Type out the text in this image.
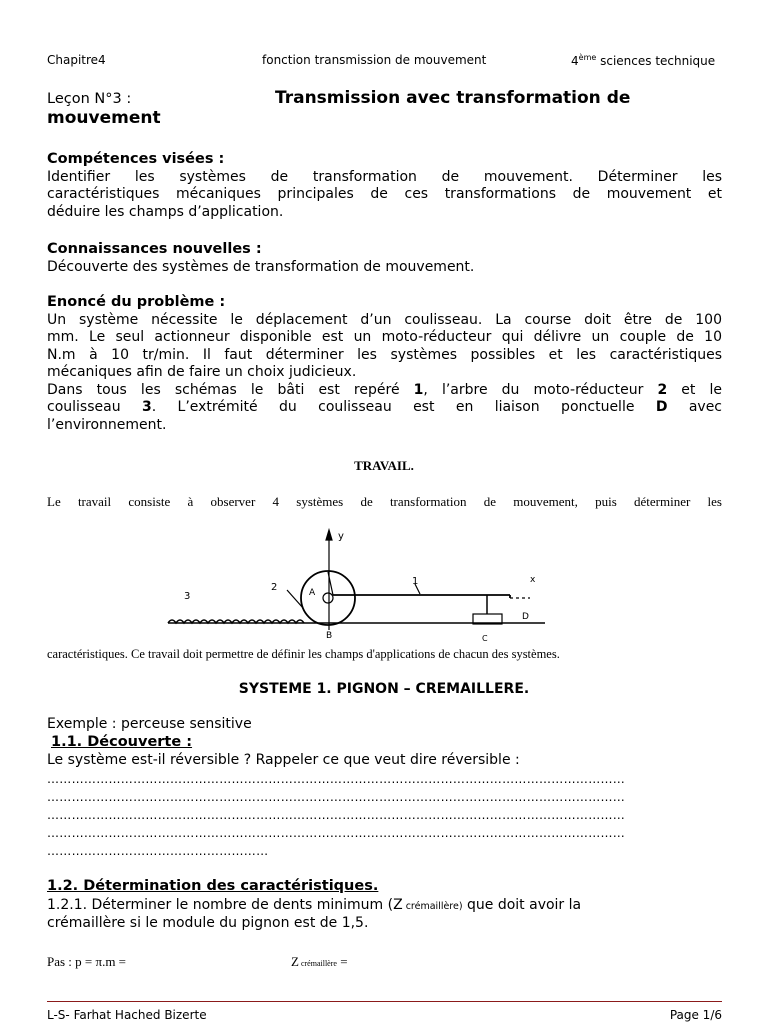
Chapitre4	fonction transmission de mouvement	4ème sciences technique
Leçon N°3 :	Transmission avec transformation de
mouvement
Compétences visées :
Identifier les systèmes de transformation de mouvement. Déterminer les
caractéristiques mécaniques principales de ces transformations de mouvement et
déduire les champs d’application.
Connaissances nouvelles :
Découverte des systèmes de transformation de mouvement.
Enoncé du problème :
Un système nécessite le déplacement d’un coulisseau. La course doit être de 100
mm. Le seul actionneur disponible est un moto-réducteur qui délivre un couple de 10
N.m à 10 tr/min. Il faut déterminer les systèmes possibles et les caractéristiques
mécaniques afin de faire un choix judicieux.
Dans tous les schémas le bâti est repéré 1, l’arbre du moto-réducteur 2 et le
coulisseau 3. L’extrémité du coulisseau est en liaison ponctuelle D avec
l’environnement.
TRAVAIL.
Le travail consiste à observer 4 systèmes de transformation de mouvement, puis déterminer les
3
2	A
B
y
1	x
C
D
caractéristiques. Ce travail doit permettre de définir les champs d'applications de chacun des systèmes.
SYSTEME 1. PIGNON – CREMAILLERE.
Exemple : perceuse sensitive
1.1. Découverte :
Le système est-il réversible ? Rappeler ce que veut dire réversible :
……………………………………………………………………………………………………………………………
……………………………………………………………………………………………………………………………
……………………………………………………………………………………………………………………………
……………………………………………………………………………………………………………………………
………………………………………………
1.2. Détermination des caractéristiques.
1.2.1. Déterminer le nombre de dents minimum (Z crémaillère) que doit avoir la
crémaillère si le module du pignon est de 1,5.
Pas : p = π.m =	Z crémaillère =
L-S- Farhat Hached Bizerte	Page 1/6
